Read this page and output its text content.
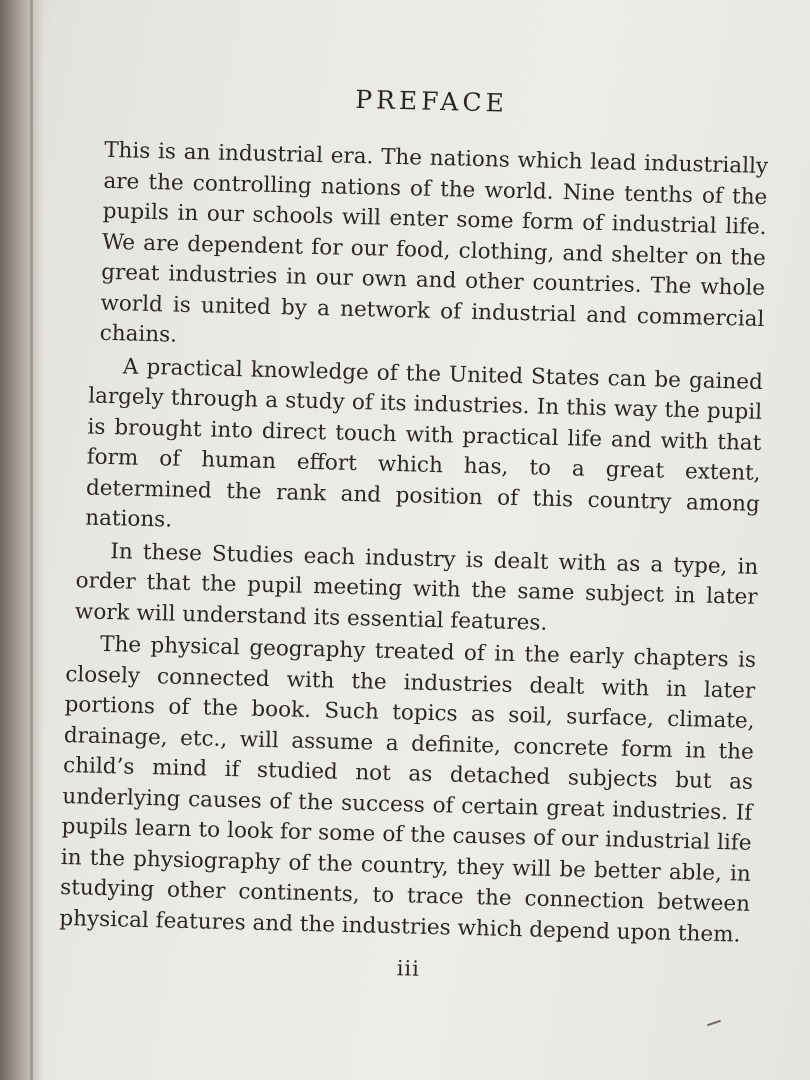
PREFACE

This is an industrial era. The nations which lead industrially are the controlling nations of the world. Nine tenths of the pupils in our schools will enter some form of industrial life. We are dependent for our food, clothing, and shelter on the great industries in our own and other countries. The whole world is united by a network of industrial and commercial chains.

A practical knowledge of the United States can be gained largely through a study of its industries. In this way the pupil is brought into direct touch with practical life and with that form of human effort which has, to a great extent, determined the rank and position of this country among nations.

In these Studies each industry is dealt with as a type, in order that the pupil meeting with the same subject in later work will understand its essential features.

The physical geography treated of in the early chapters is closely connected with the industries dealt with in later portions of the book. Such topics as soil, surface, climate, drainage, etc., will assume a definite, concrete form in the child’s mind if studied not as detached subjects but as underlying causes of the success of certain great industries. If pupils learn to look for some of the causes of our industrial life in the physiography of the country, they will be better able, in studying other continents, to trace the connection between physical features and the industries which depend upon them.

iii
